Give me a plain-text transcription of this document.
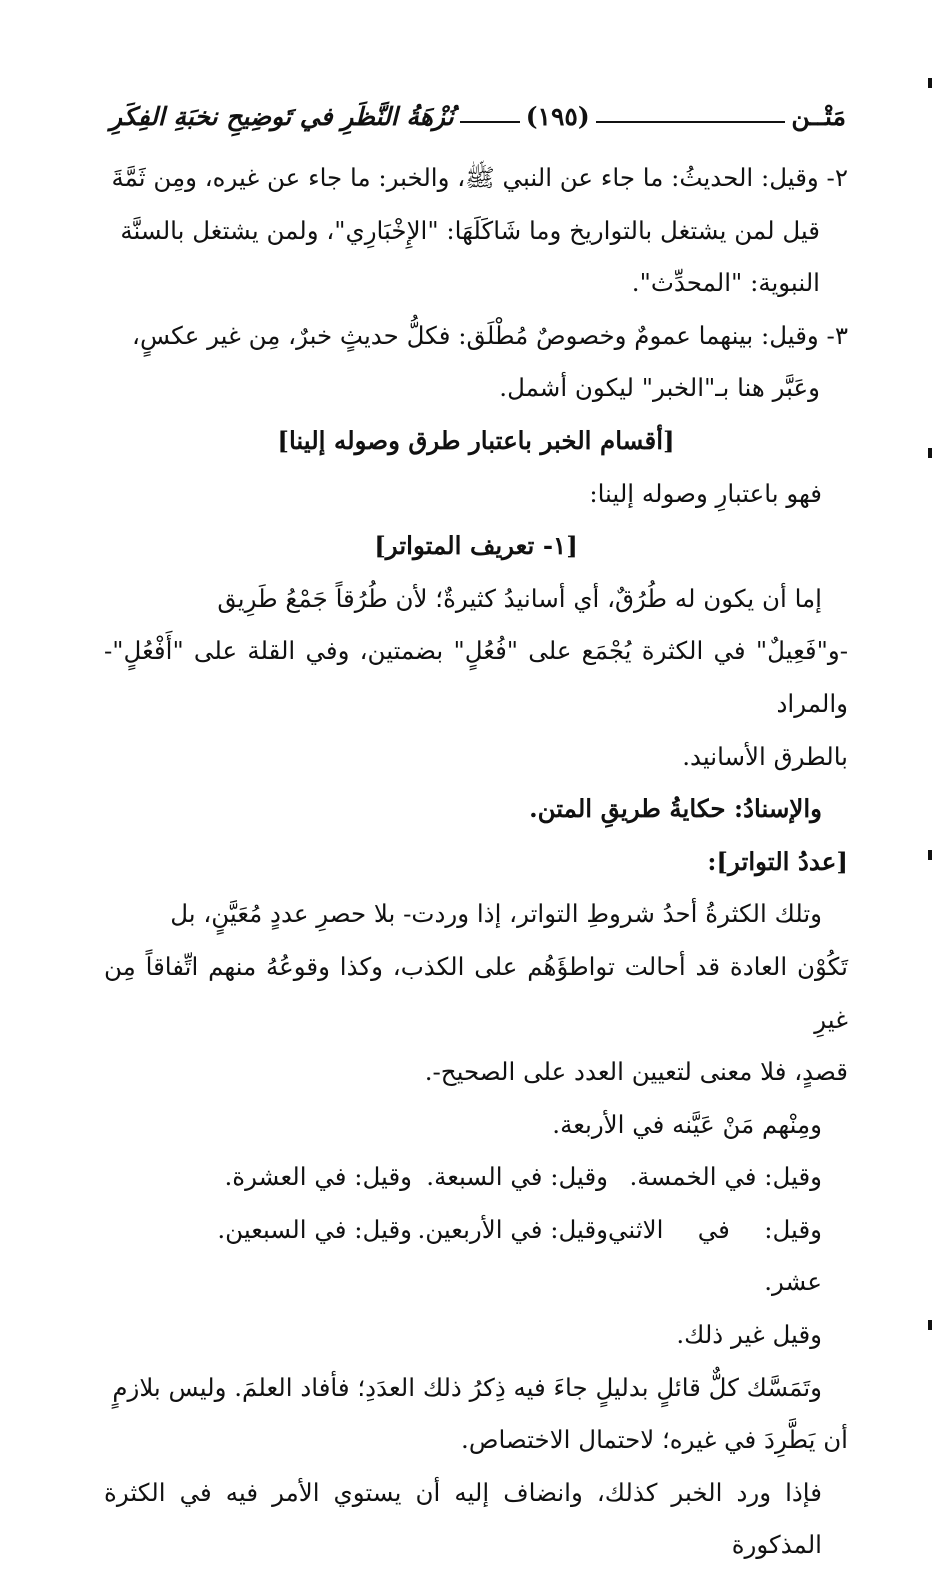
مَتْــن
(١٩٥)
نُزْهَةُ النَّظَرِ في تَوضِيحِ نخبَةِ الفِكَرِ
٢- وقيل: الحديثُ: ما جاء عن النبي ﷺ، والخبر: ما جاء عن غيره، ومِن ثَمَّةَ
قيل لمن يشتغل بالتواريخ وما شَاكَلَهَا: "الإِخْبَارِي"، ولمن يشتغل بالسنَّة
النبوية: "المحدِّث".
٣- وقيل: بينهما عمومٌ وخصوصٌ مُطْلَق: فكلُّ حديثٍ خبرٌ، مِن غير عكسٍ،
وعَبَّر هنا بـ"الخبر" ليكون أشمل.
[أقسام الخبر باعتبار طرق وصوله إلينا]
فهو باعتبارِ وصوله إلينا:
[١- تعريف المتواتر]
إما أن يكون له طُرُقٌ، أي أسانيدُ كثيرةٌ؛ لأن طُرُقاً جَمْعُ طَرِيق
-و"فَعِيلٌ" في الكثرة يُجْمَع على "فُعُلٍ" بضمتين، وفي القلة على "أَفْعُلٍ"- والمراد
بالطرق الأسانيد.
والإسنادُ: حكايةُ طريقِ المتن.
[عددُ التواتر]:
وتلك الكثرةُ أحدُ شروطِ التواتر، إذا وردت- بلا حصرِ عددٍ مُعَيَّنٍ، بل
تَكُوْن العادة قد أحالت تواطؤَهُم على الكذب، وكذا وقوعُهُ منهم اتِّفاقاً مِن غيرِ
قصدٍ، فلا معنى لتعيين العدد على الصحيح-.
ومِنْهم مَنْ عَيَّنه في الأربعة.
وقيل: في الخمسة.
وقيل: في السبعة.
وقيل: في العشرة.
وقيل: في الاثني عشر.
وقيل: في الأربعين.
وقيل: في السبعين.
وقيل غير ذلك.
وتَمَسَّك كلٌّ قائلٍ بدليلٍ جاءَ فيه ذِكرُ ذلك العدَدِ؛ فأفاد العلمَ. وليس بلازمٍ
أن يَطَّرِدَ في غيره؛ لاحتمال الاختصاص.
فإذا ورد الخبر كذلك، وانضاف إليه أن يستوي الأمر فيه في الكثرة المذكورة
